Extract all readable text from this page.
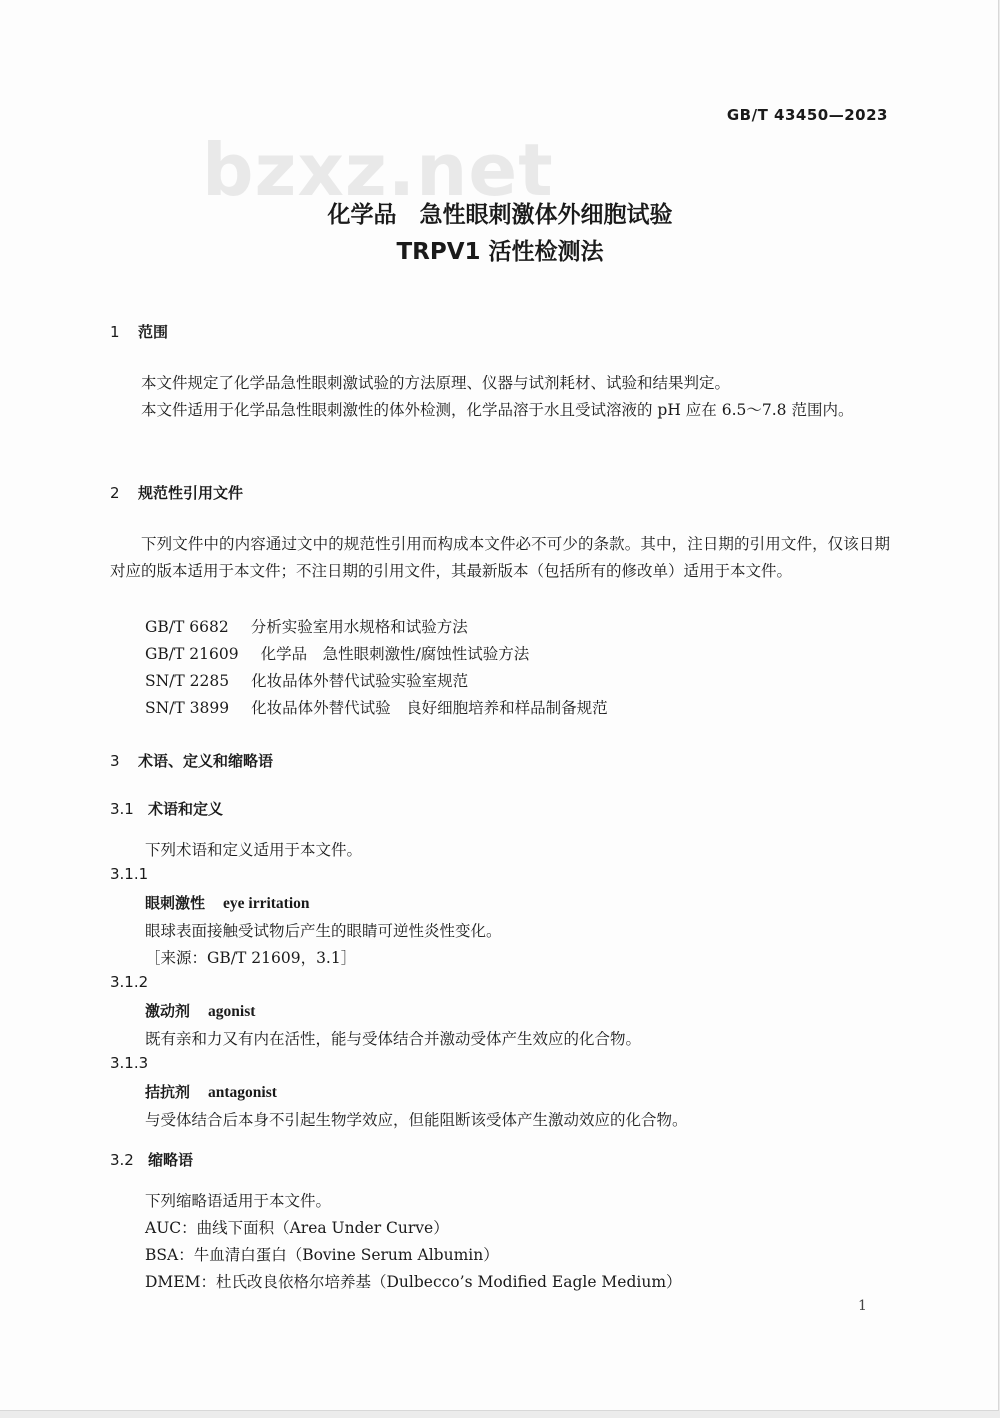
GB/T 43450—2023
bzxz.net
化学品　急性眼刺激体外细胞试验
TRPV1 活性检测法
1 范围
本文件规定了化学品急性眼刺激试验的方法原理、仪器与试剂耗材、试验和结果判定。
本文件适用于化学品急性眼刺激性的体外检测，化学品溶于水且受试溶液的 pH 应在 6.5～7.8 范围内。
2 规范性引用文件
下列文件中的内容通过文中的规范性引用而构成本文件必不可少的条款。其中，注日期的引用文件，仅该日期对应的版本适用于本文件；不注日期的引用文件，其最新版本（包括所有的修改单）适用于本文件。
GB/T 6682 分析实验室用水规格和试验方法
GB/T 21609 化学品　急性眼刺激性/腐蚀性试验方法
SN/T 2285 化妆品体外替代试验实验室规范
SN/T 3899 化妆品体外替代试验　良好细胞培养和样品制备规范
3 术语、定义和缩略语
3.1 术语和定义
下列术语和定义适用于本文件。
3.1.1
眼刺激性 eye irritation
眼球表面接触受试物后产生的眼睛可逆性炎性变化。
［来源：GB/T 21609，3.1］
3.1.2
激动剂 agonist
既有亲和力又有内在活性，能与受体结合并激动受体产生效应的化合物。
3.1.3
拮抗剂 antagonist
与受体结合后本身不引起生物学效应，但能阻断该受体产生激动效应的化合物。
3.2 缩略语
下列缩略语适用于本文件。
AUC：曲线下面积（Area Under Curve）
BSA：牛血清白蛋白（Bovine Serum Albumin）
DMEM：杜氏改良依格尔培养基（Dulbecco’s Modified Eagle Medium）
1
